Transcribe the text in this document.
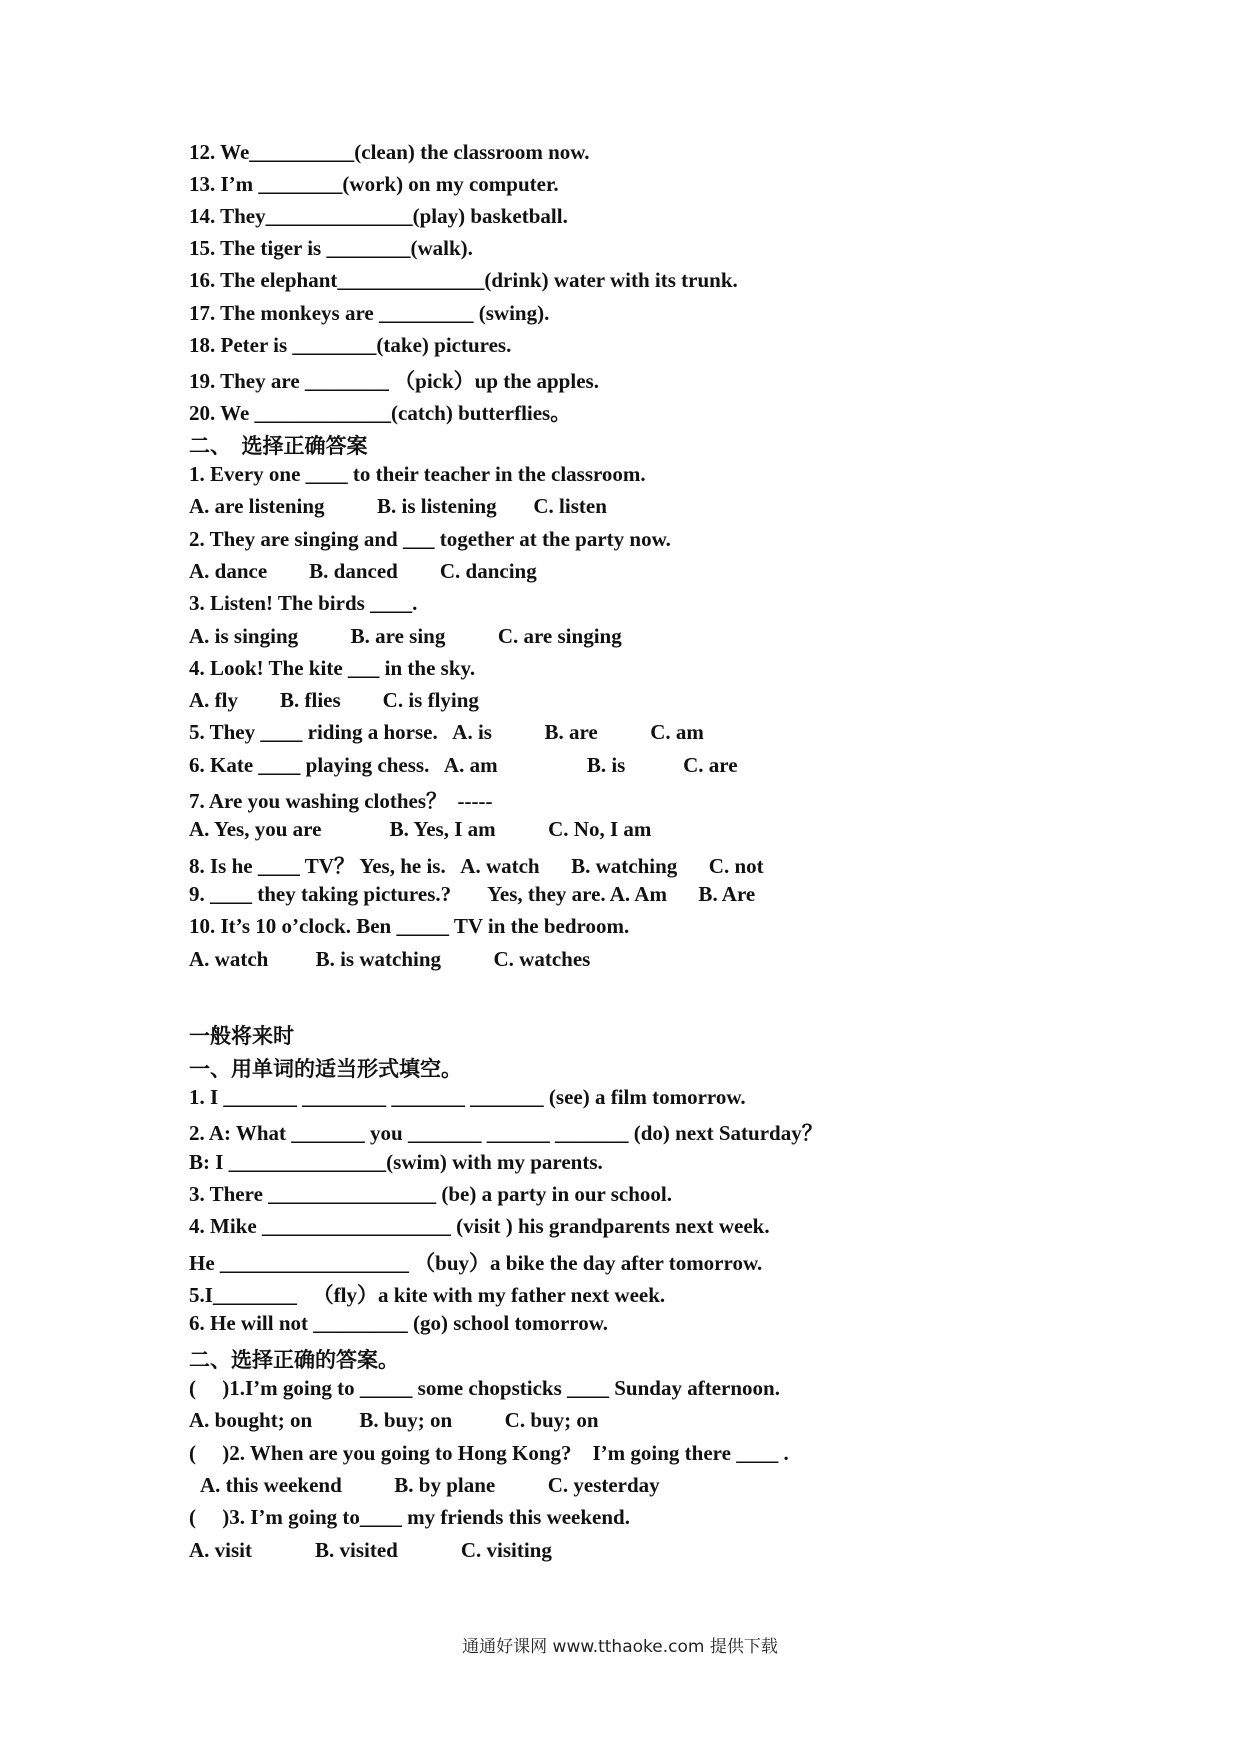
12. We__________(clean) the classroom now.
13. I’m ________(work) on my computer.
14. They______________(play) basketball.
15. The tiger is ________(walk).
16. The elephant______________(drink) water with its trunk.
17. The monkeys are _________ (swing).
18. Peter is ________(take) pictures.
19. They are ________ （pick）up the apples.
20. We _____________(catch) butterflies。
二、  选择正确答案
1. Every one ____ to their teacher in the classroom.
A. are listening          B. is listening       C. listen
2. They are singing and ___ together at the party now.
A. dance        B. danced        C. dancing
3. Listen! The birds ____.
A. is singing          B. are sing          C. are singing
4. Look! The kite ___ in the sky.
A. fly        B. flies        C. is flying
5. They ____ riding a horse.   A. is          B. are          C. am
6. Kate ____ playing chess.   A. am                 B. is           C. are
7. Are you washing clothes？  -----
A. Yes, you are             B. Yes, I am          C. No, I am
8. Is he ____ TV？ Yes, he is.   A. watch      B. watching      C. not
9. ____ they taking pictures.?       Yes, they are. A. Am      B. Are
10. It’s 10 o’clock. Ben _____ TV in the bedroom.
A. watch         B. is watching          C. watches
一般将来时
一、用单词的适当形式填空。
1. I _______ ________ _______ _______ (see) a film tomorrow.
2. A: What _______ you _______ ______ _______ (do) next Saturday？
B: I _______________(swim) with my parents.
3. There ________________ (be) a party in our school.
4. Mike __________________ (visit ) his grandparents next week.
He __________________ （buy）a bike the day after tomorrow.
5.I________   （fly）a kite with my father next week.
6. He will not _________ (go) school tomorrow.
二、选择正确的答案。
(     )1.I’m going to _____ some chopsticks ____ Sunday afternoon.
A. bought; on         B. buy; on          C. buy; on
(     )2. When are you going to Hong Kong?    I’m going there ____ .
A. this weekend          B. by plane          C. yesterday
(     )3. I’m going to____ my friends this weekend.
A. visit            B. visited            C. visiting
通通好课网 www.tthaoke.com 提供下载
